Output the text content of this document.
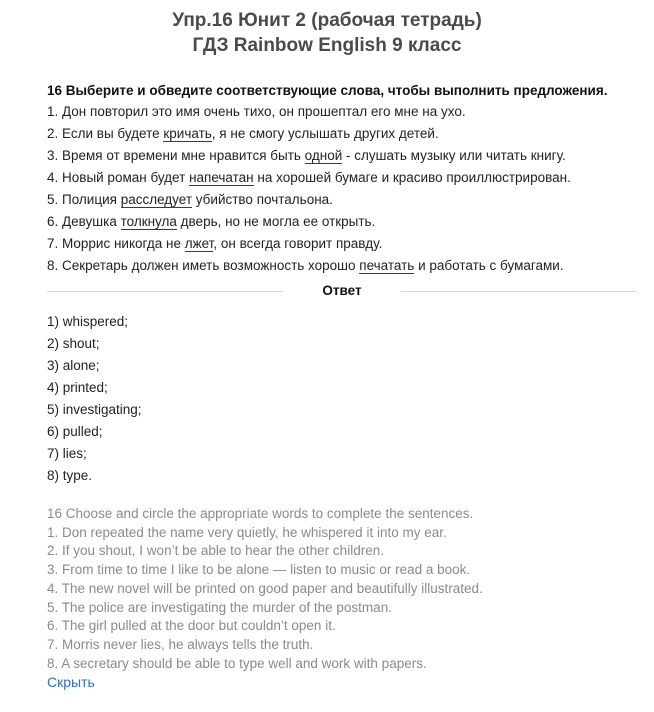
Упр.16 Юнит 2 (рабочая тетрадь)
ГДЗ Rainbow English 9 класс

16 Выберите и обведите соответствующие слова, чтобы выполнить предложения.

1. Дон повторил это имя очень тихо, он прошептал его мне на ухо.
2. Если вы будете кричать, я не смогу услышать других детей.
3. Время от времени мне нравится быть одной - слушать музыку или читать книгу.
4. Новый роман будет напечатан на хорошей бумаге и красиво проиллюстрирован.
5. Полиция расследует убийство почтальона.
6. Девушка толкнула дверь, но не могла ее открыть.
7. Моррис никогда не лжет, он всегда говорит правду.
8. Секретарь должен иметь возможность хорошо печатать и работать с бумагами.
Ответ
1) whispered;
2) shout;
3) alone;
4) printed;
5) investigating;
6) pulled;
7) lies;
8) type.
16 Choose and circle the appropriate words to complete the sentences.
1. Don repeated the name very quietly, he whispered it into my ear.
2. If you shout, I won’t be able to hear the other children.
3. From time to time I like to be alone — listen to music or read a book.
4. The new novel will be printed on good paper and beautifully illustrated.
5. The police are investigating the murder of the postman.
6. The girl pulled at the door but couldn’t open it.
7. Morris never lies, he always tells the truth.
8. A secretary should be able to type well and work with papers.
Скрыть
